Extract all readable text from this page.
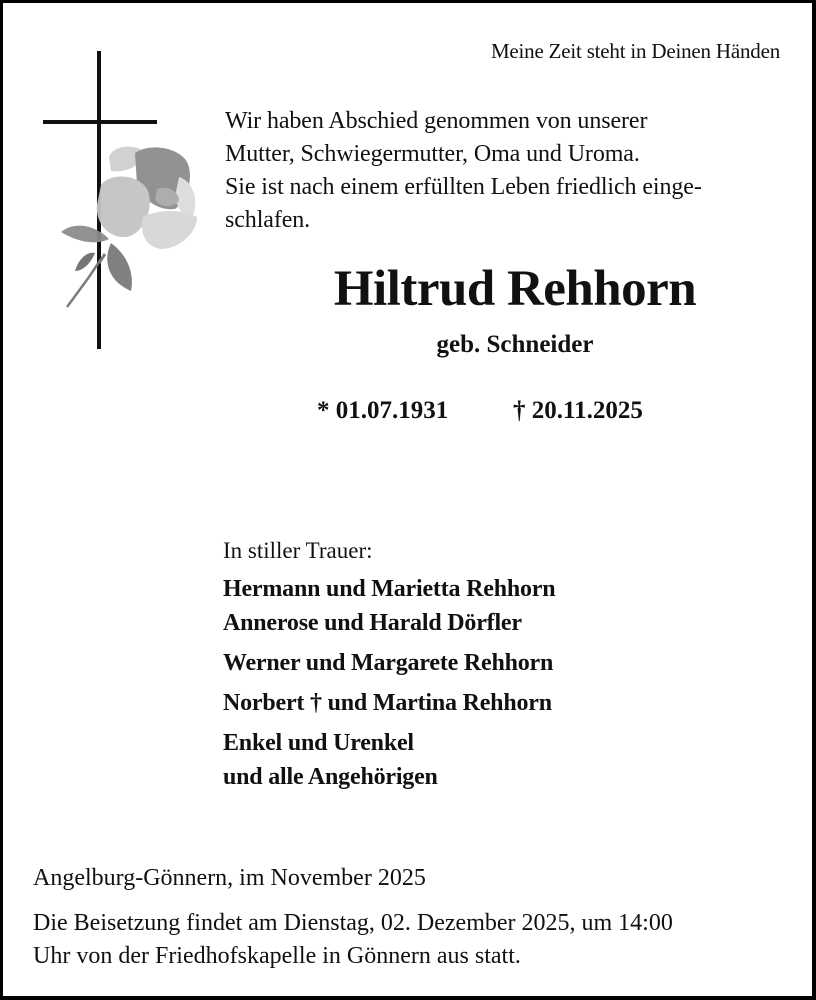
Meine Zeit steht in Deinen Händen
Wir haben Abschied genommen von unserer
Mutter, Schwiegermutter, Oma und Uroma.
Sie ist nach einem erfüllten Leben friedlich einge-
schlafen.
Hiltrud Rehhorn
geb. Schneider
* 01.07.1931	† 20.11.2025
In stiller Trauer:
Hermann und Marietta Rehhorn
Annerose und Harald Dörfler
Werner und Margarete Rehhorn
Norbert † und Martina Rehhorn
Enkel und Urenkel
und alle Angehörigen
Angelburg-Gönnern, im November 2025
Die Beisetzung findet am Dienstag, 02. Dezember 2025, um 14:00
Uhr von der Friedhofskapelle in Gönnern aus statt.
